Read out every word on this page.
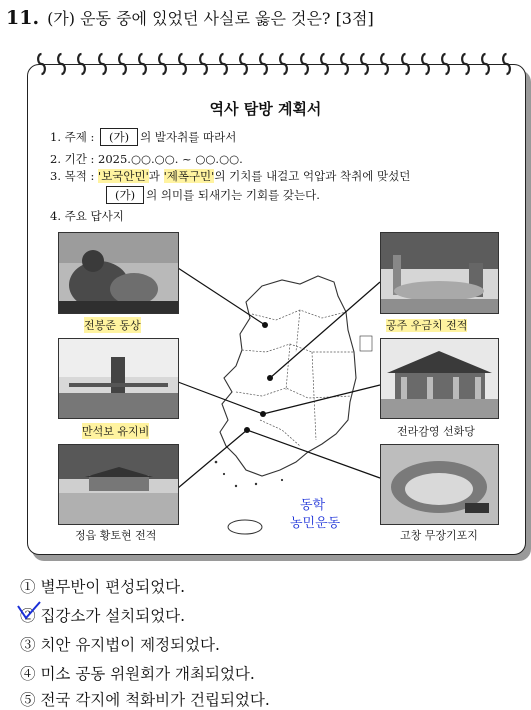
11. (가) 운동 중에 있었던 사실로 옳은 것은? [3점]
역사 탐방 계획서
1. 주제 : (가) 의 발자취를 따라서
2. 기간 : 2025.○○.○○. ~ ○○.○○.
3. 목적 : '보국안민'과 '제폭구민'의 기치를 내걸고 억압과 착취에 맞섰던
(가) 의 의미를 되새기는 기회를 갖는다.
4. 주요 답사지
전봉준 동상	공주 우금치 전적
만석보 유지비	전라감영 선화당
정읍 황토현 전적	고창 무장기포지
동학
농민운동
① 별무반이 편성되었다.
② 집강소가 설치되었다.
③ 치안 유지법이 제정되었다.
④ 미소 공동 위원회가 개최되었다.
⑤ 전국 각지에 척화비가 건립되었다.
